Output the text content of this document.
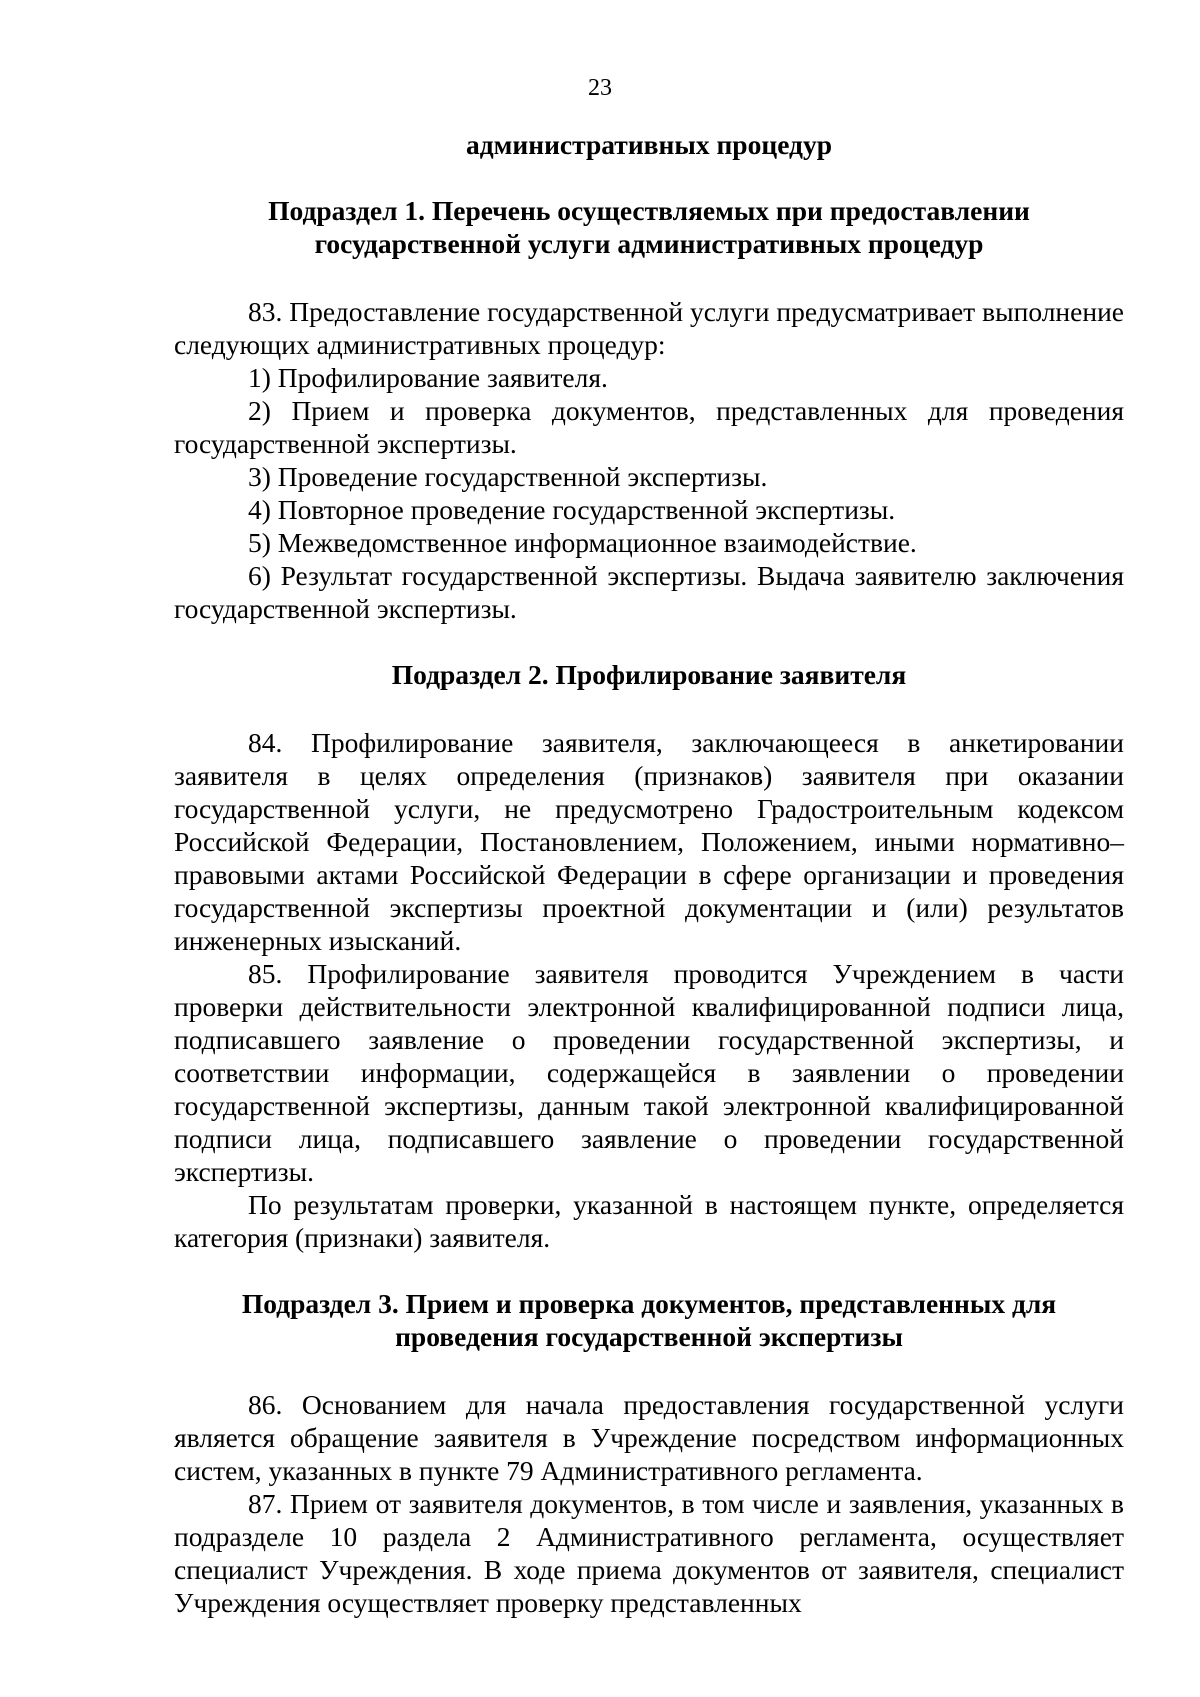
23

административных процедур

Подраздел 1. Перечень осуществляемых при предоставлении
государственной услуги административных процедур

83. Предоставление государственной услуги предусматривает выполнение следующих административных процедур:

1) Профилирование заявителя.

2) Прием и проверка документов, представленных для проведения государственной экспертизы.

3) Проведение государственной экспертизы.

4) Повторное проведение государственной экспертизы.

5) Межведомственное информационное взаимодействие.

6) Результат государственной экспертизы. Выдача заявителю заключения государственной экспертизы.

Подраздел 2. Профилирование заявителя

84. Профилирование заявителя, заключающееся в анкетировании заявителя в целях определения (признаков) заявителя при оказании государственной услуги, не предусмотрено Градостроительным кодексом Российской Федерации, Постановлением, Положением, иными нормативно–правовыми актами Российской Федерации в сфере организации и проведения государственной экспертизы проектной документации и (или) результатов инженерных изысканий.

85. Профилирование заявителя проводится Учреждением в части проверки действительности электронной квалифицированной подписи лица, подписавшего заявление о проведении государственной экспертизы, и соответствии информации, содержащейся в заявлении о проведении государственной экспертизы, данным такой электронной квалифицированной подписи лица, подписавшего заявление о проведении государственной экспертизы.

По результатам проверки, указанной в настоящем пункте, определяется категория (признаки) заявителя.

Подраздел 3. Прием и проверка документов, представленных для
проведения государственной экспертизы

86. Основанием для начала предоставления государственной услуги является обращение заявителя в Учреждение посредством информационных систем, указанных в пункте 79 Административного регламента.

87. Прием от заявителя документов, в том числе и заявления, указанных в подразделе 10 раздела 2 Административного регламента, осуществляет специалист Учреждения. В ходе приема документов от заявителя, специалист Учреждения осуществляет проверку представленных
